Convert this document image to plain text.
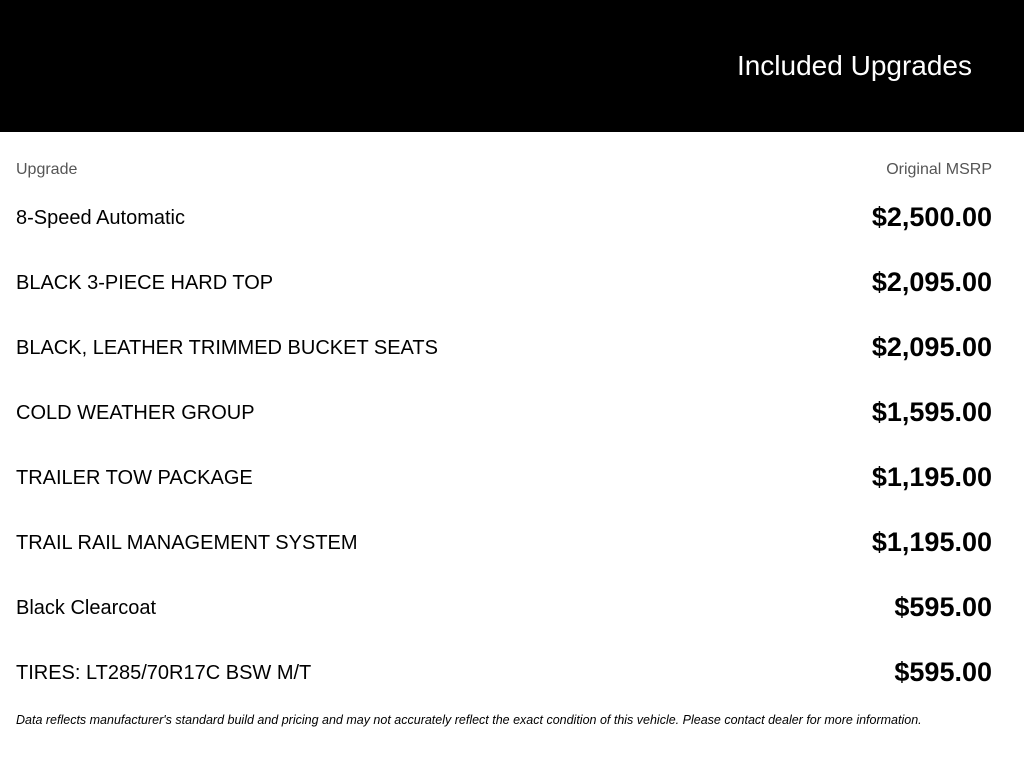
Included Upgrades
Upgrade	Original MSRP
8-Speed Automatic	$2,500.00
BLACK 3-PIECE HARD TOP	$2,095.00
BLACK, LEATHER TRIMMED BUCKET SEATS	$2,095.00
COLD WEATHER GROUP	$1,595.00
TRAILER TOW PACKAGE	$1,195.00
TRAIL RAIL MANAGEMENT SYSTEM	$1,195.00
Black Clearcoat	$595.00
TIRES: LT285/70R17C BSW M/T	$595.00
Data reflects manufacturer's standard build and pricing and may not accurately reflect the exact condition of this vehicle. Please contact dealer for more information.
